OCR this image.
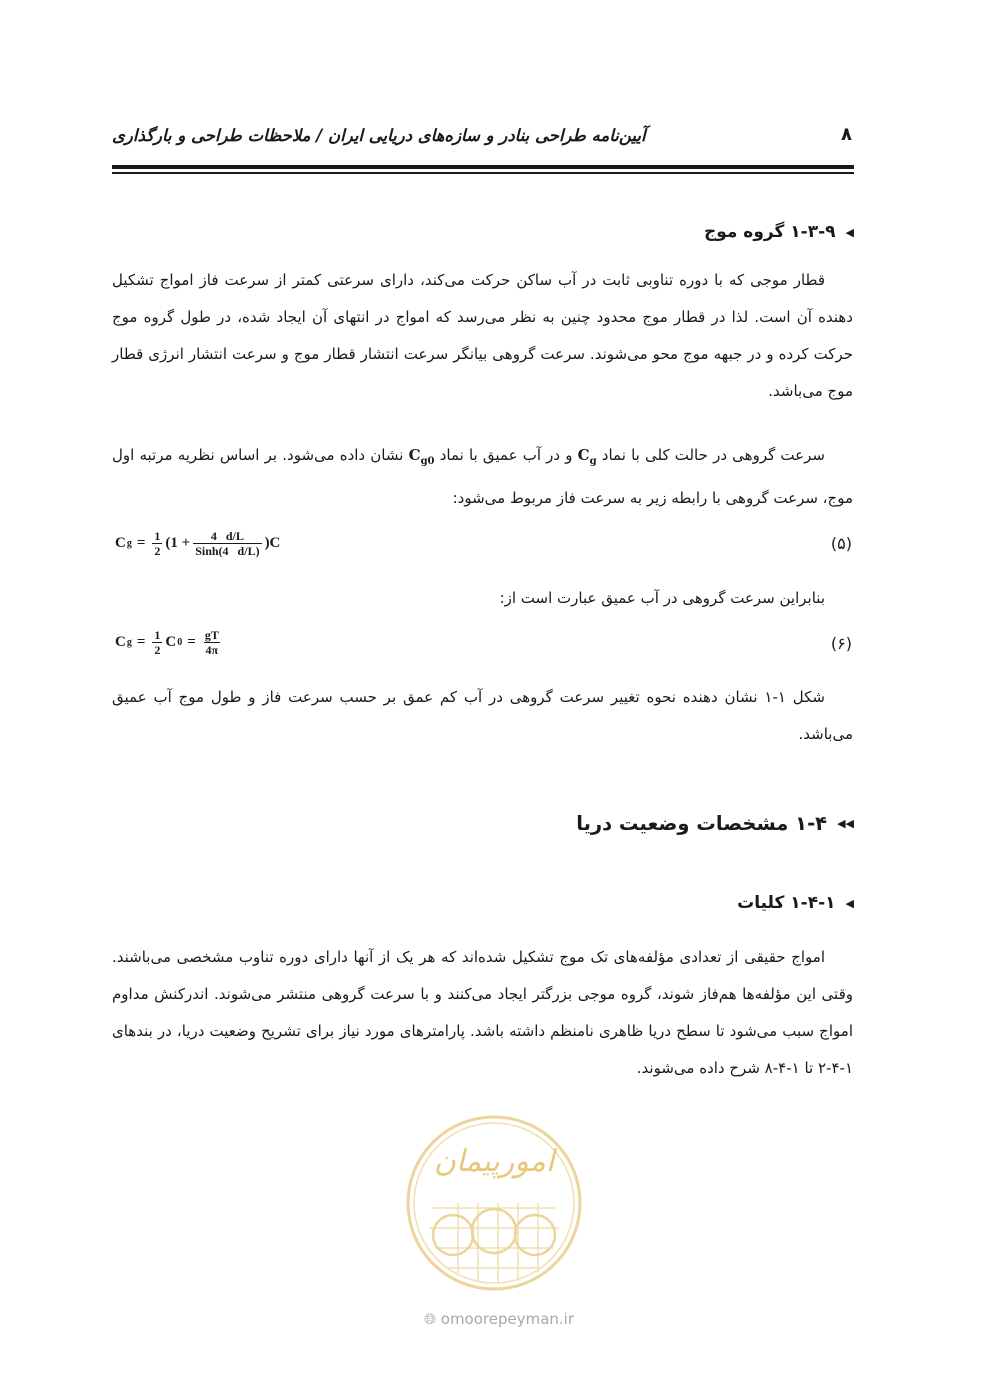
آیین‌نامه طراحی بنادر و سازه‌های دریایی ایران / ملاحظات طراحی و بارگذاری	۸
◀
۱-۳-۹ گروه موج
قطار موجی که با دوره تناوبی ثابت در آب ساکن حرکت می‌کند، دارای سرعتی کمتر از سرعت فاز امواج تشکیل دهنده آن است. لذا در قطار موج محدود چنین به نظر می‌رسد که امواج در انتهای آن ایجاد شده، در طول گروه موج حرکت کرده و در جبهه موج محو می‌شوند. سرعت گروهی بیانگر سرعت انتشار قطار موج و سرعت انتشار انرژی قطار موج می‌باشد.
سرعت گروهی در حالت کلی با نماد $C_g$ و در آب عمیق با نماد $C_{g0}$ نشان داده می‌شود. بر اساس نظریه مرتبه اول موج، سرعت گروهی با رابطه زیر به سرعت فاز مربوط می‌شود:
C $g = \frac{1}{2} (1 + \frac{4 d/L}{\text{Sinh(4   d/L)}} )C$	(۵)
بنابراین سرعت گروهی در آب عمیق عبارت است از:
C $g = \frac{1}{2}$ C $0 = \frac{gT}{4\pi}$	(۶)
شکل ۱-۱ نشان دهنده نحوه تغییر سرعت گروهی در آب کم عمق بر حسب سرعت فاز و طول موج آب عمیق می‌باشد.
◀◀
۱-۴ مشخصات وضعیت دریا
◀
۱-۴-۱ کلیات
امواج حقیقی از تعدادی مؤلفه‌های تک موج تشکیل شده‌اند که هر یک از آنها دارای دوره تناوب مشخصی می‌باشند. وقتی این مؤلفه‌ها هم‌فاز شوند، گروه موجی بزرگتر ایجاد می‌کنند و با سرعت گروهی منتشر می‌شوند. اندرکنش مداوم امواج سبب می‌شود تا سطح دریا ظاهری نامنظم داشته باشد. پارامترهای مورد نیاز برای تشریح وضعیت دریا، در بندهای ۱-۴-۲ تا ۱-۴-۸ شرح داده می‌شوند.
امورپیمان
🌐︎ omoorepeyman.ir
